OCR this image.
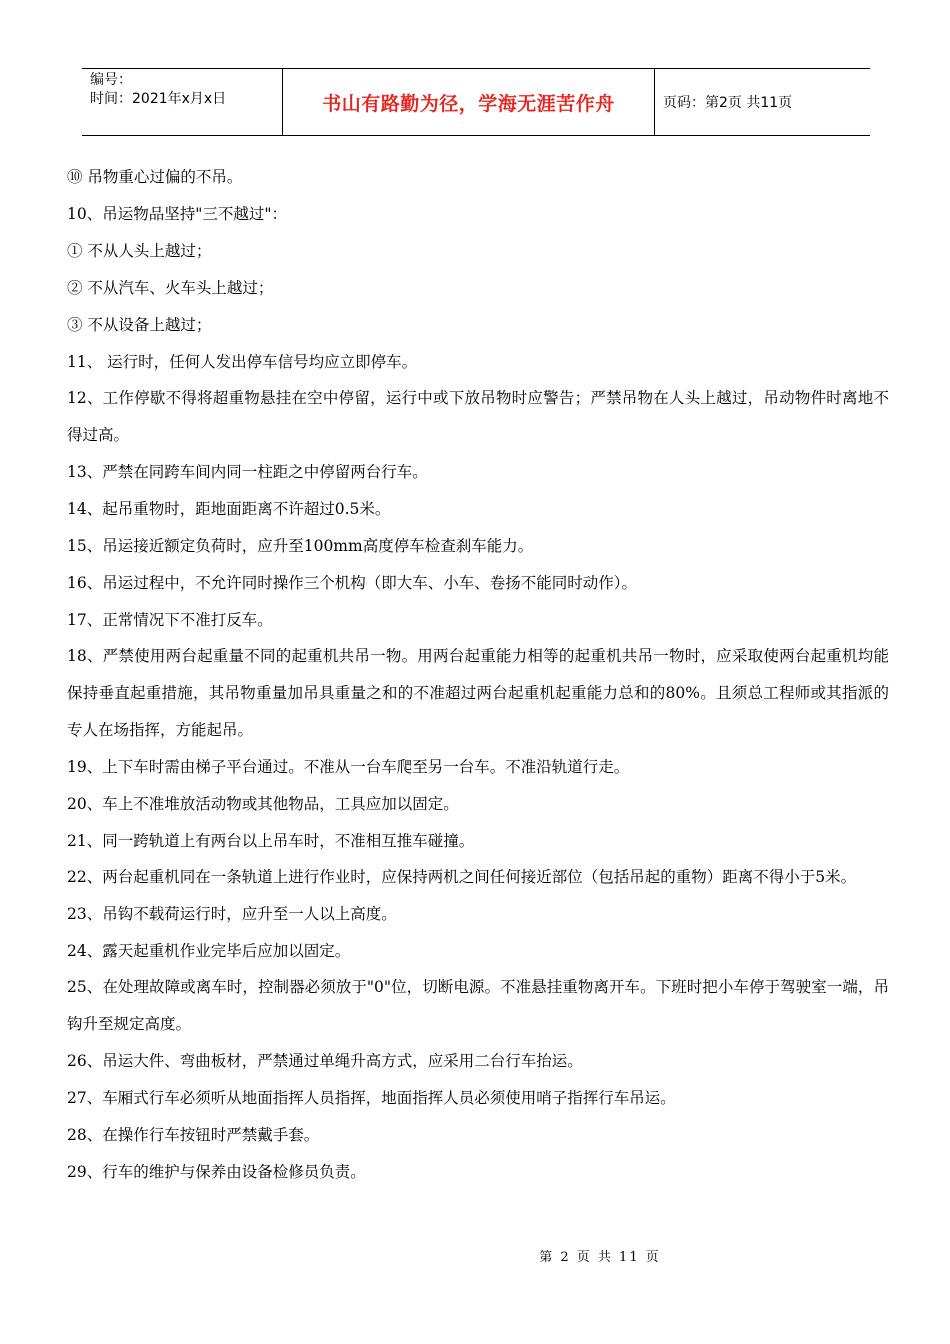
编号：
时间：2021年x月x日	书山有路勤为径，学海无涯苦作舟	页码：第2页 共11页

⑩ 吊物重心过偏的不吊。

10、吊运物品坚持"三不越过"：

① 不从人头上越过；

② 不从汽车、火车头上越过；

③ 不从设备上越过；

11、 运行时，任何人发出停车信号均应立即停车。

12、工作停歇不得将超重物悬挂在空中停留，运行中或下放吊物时应警告；严禁吊物在人头上越过，吊动物件时离地不得过高。

13、严禁在同跨车间内同一柱距之中停留两台行车。

14、起吊重物时，距地面距离不许超过0.5米。

15、吊运接近额定负荷时，应升至100mm高度停车检查刹车能力。

16、吊运过程中，不允许同时操作三个机构（即大车、小车、卷扬不能同时动作）。

17、正常情况下不准打反车。

18、严禁使用两台起重量不同的起重机共吊一物。用两台起重能力相等的起重机共吊一物时，应采取使两台起重机均能保持垂直起重措施，其吊物重量加吊具重量之和的不准超过两台起重机起重能力总和的80%。且须总工程师或其指派的专人在场指挥，方能起吊。

19、上下车时需由梯子平台通过。不准从一台车爬至另一台车。不准沿轨道行走。

20、车上不准堆放活动物或其他物品，工具应加以固定。

21、同一跨轨道上有两台以上吊车时，不准相互推车碰撞。

22、两台起重机同在一条轨道上进行作业时，应保持两机之间任何接近部位（包括吊起的重物）距离不得小于5米。

23、吊钩不载荷运行时，应升至一人以上高度。

24、露天起重机作业完毕后应加以固定。

25、在处理故障或离车时，控制器必须放于"0"位，切断电源。不准悬挂重物离开车。下班时把小车停于驾驶室一端，吊钩升至规定高度。

26、吊运大件、弯曲板材，严禁通过单绳升高方式，应采用二台行车抬运。

27、车厢式行车必须听从地面指挥人员指挥，地面指挥人员必须使用哨子指挥行车吊运。

28、在操作行车按钮时严禁戴手套。

29、行车的维护与保养由设备检修员负责。

第 2 页 共 11 页
